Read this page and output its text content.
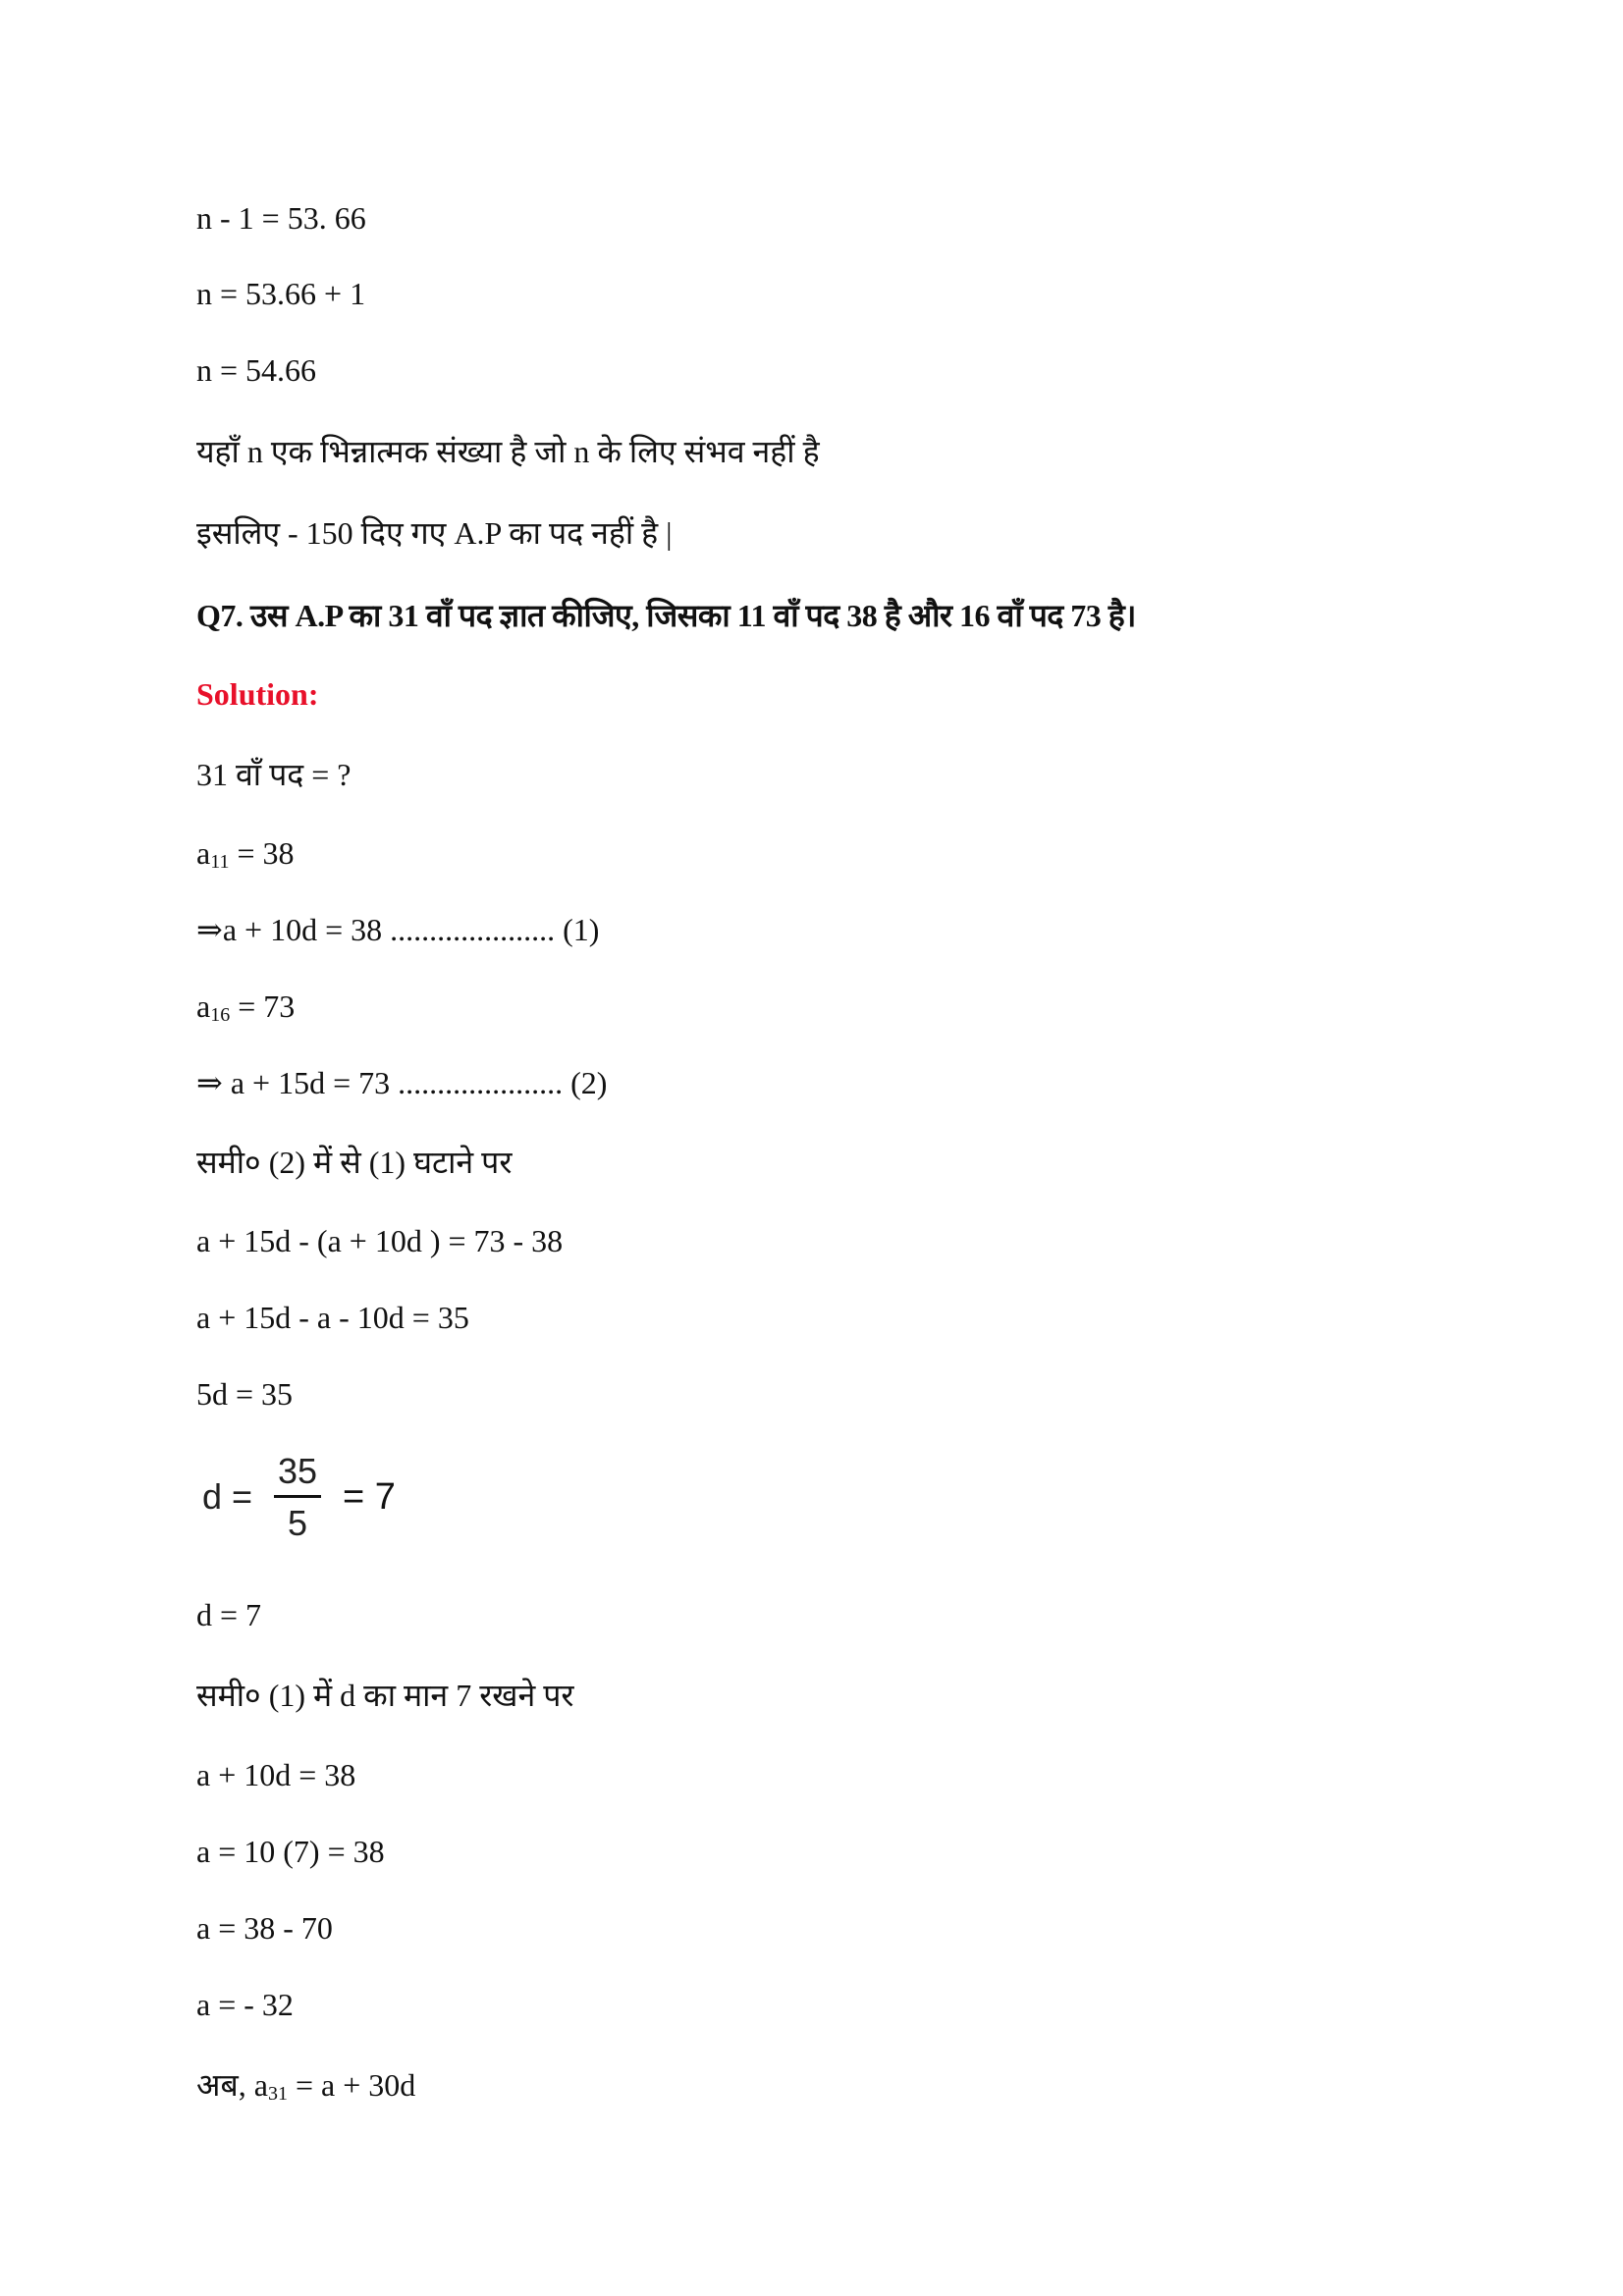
n - 1 = 53. 66
n = 53.66 + 1
n = 54.66
यहाँ n एक भिन्नात्मक संख्या है जो n के लिए संभव नहीं है
इसलिए - 150 दिए गए A.P का पद नहीं है |
Q7. उस A.P का 31 वाँ पद ज्ञात कीजिए, जिसका 11 वाँ पद 38 है और 16 वाँ पद 73 है।
Solution:
31 वाँ पद = ?
$a_{11} = 38$
⇒a + 10d = 38 ..................... (1)
$a_{16} = 73$
⇒ a + 15d = 73 ..................... (2)
समी० (2) में से (1) घटाने पर
a + 15d - (a + 10d ) = 73 - 38
a + 15d - a - 10d = 35
5d = 35
$d = \frac{35}{5} = 7$
d = 7
समी० (1) में d का मान 7 रखने पर
a + 10d = 38
a = 10 (7) = 38
a = 38 - 70
a = - 32
अब, $a_{31} = a + 30d$
